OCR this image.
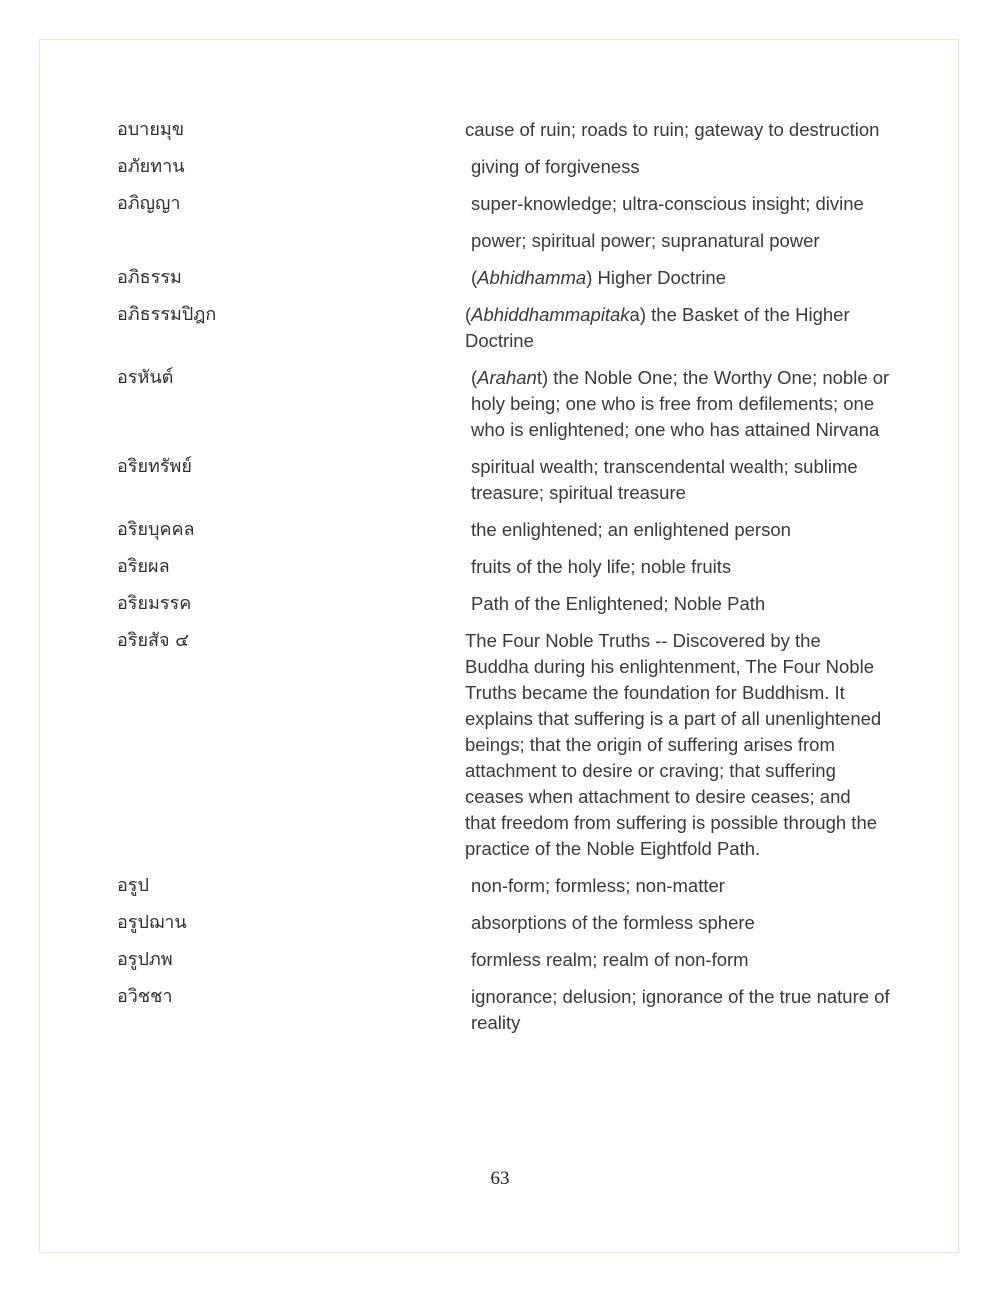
อบายมุข	cause of ruin; roads to ruin; gateway to destruction
อภัยทาน	giving of forgiveness
อภิญญา	super-knowledge; ultra-conscious insight; divine
power; spiritual power; supranatural power
อภิธรรม	(Abhidhamma) Higher Doctrine
อภิธรรมปิฎก	(Abhiddhammapitaka) the Basket of the Higher Doctrine
อรหันต์	(Arahant) the Noble One; the Worthy One; noble or holy being; one who is free from defilements; one who is enlightened; one who has attained Nirvana
อริยทรัพย์	spiritual wealth; transcendental wealth; sublime treasure; spiritual treasure
อริยบุคคล	the enlightened; an enlightened person
อริยผล	fruits of the holy life; noble fruits
อริยมรรค	Path of the Enlightened; Noble Path
อริยสัจ ๔	The Four Noble Truths -- Discovered by the Buddha during his enlightenment, The Four Noble Truths became the foundation for Buddhism. It explains that suffering is a part of all unenlightened beings; that the origin of suffering arises from attachment to desire or craving; that suffering ceases when attachment to desire ceases; and that freedom from suffering is possible through the practice of the Noble Eightfold Path.
อรูป	non-form; formless; non-matter
อรูปฌาน	absorptions of the formless sphere
อรูปภพ	formless realm; realm of non-form
อวิชชา	ignorance; delusion; ignorance of the true nature of reality
63
